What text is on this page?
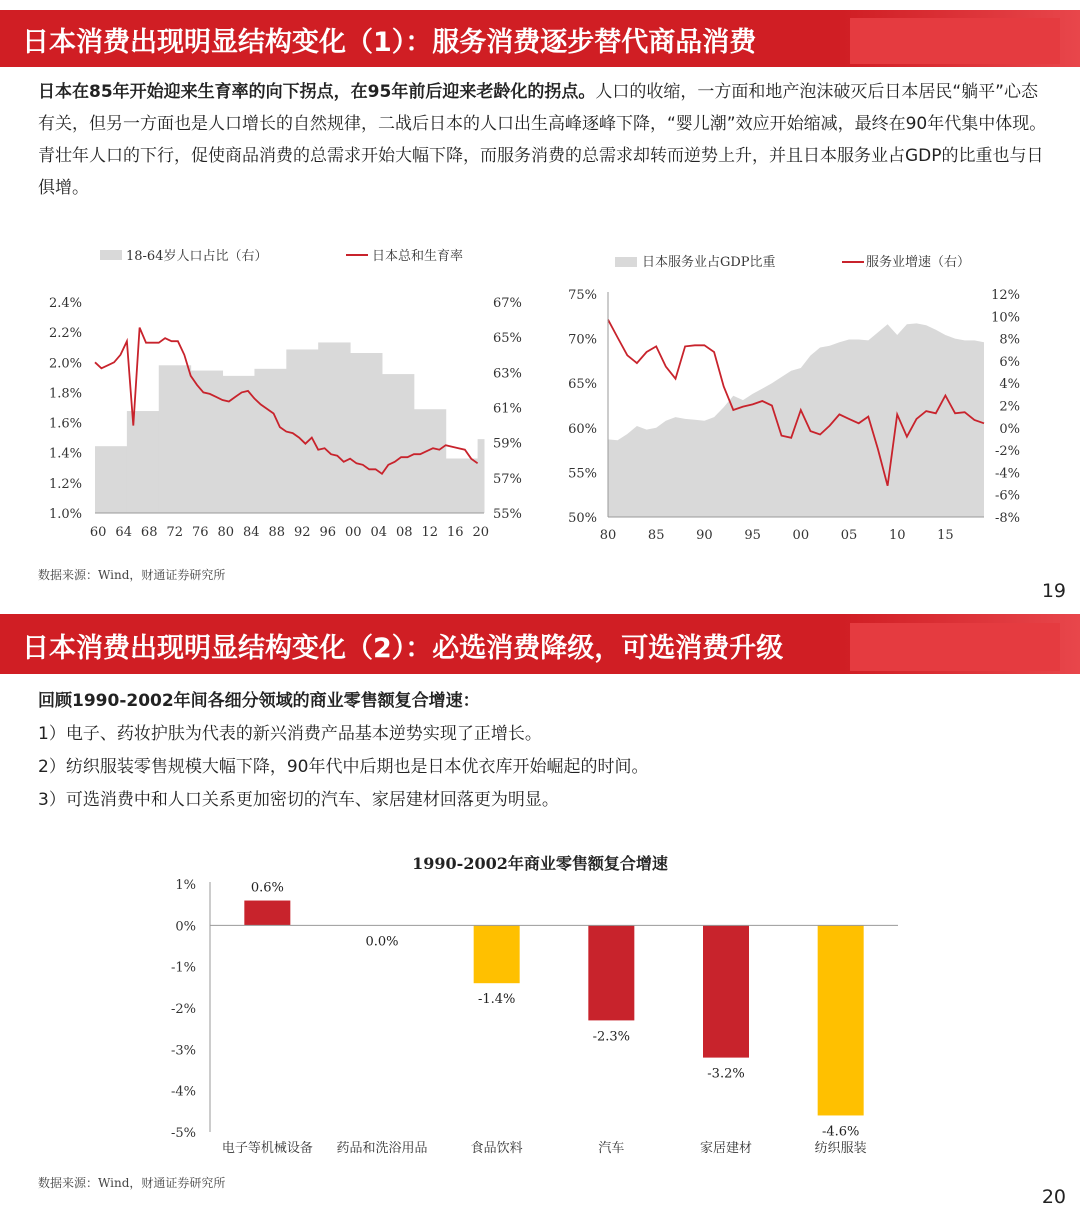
日本消费出现明显结构变化（1）：服务消费逐步替代商品消费
日本在85年开始迎来生育率的向下拐点，在95年前后迎来老龄化的拐点。人口的收缩，一方面和地产泡沫破灭后日本居民“躺平”心态有关，但另一方面也是人口增长的自然规律，二战后日本的人口出生高峰逐峰下降，“婴儿潮”效应开始缩减，最终在90年代集中体现。青壮年人口的下行，促使商品消费的总需求开始大幅下降，而服务消费的总需求却转而逆势上升，并且日本服务业占GDP的比重也与日俱增。
18-64岁人口占比（右）	日本总和生育率
60 64 68 72 76 80 84 88 92 96 00 04 08 12 16 20
2.4%
2.2%
2.0%
1.8%
1.6%
1.4%
1.2%
1.0%
67%
65%
63%
61%
59%
57%
55%
日本服务业占GDP比重	服务业增速（右）
80 85 90 95 00 05 10 15
75%
70%
65%
60%
55%
50%
12%
10%
8%
6%
4%
2%
0%
-2%
-4%
-6%
-8%
数据来源：Wind，财通证券研究所
19
日本消费出现明显结构变化（2）：必选消费降级，可选消费升级
回顾1990-2002年间各细分领域的商业零售额复合增速：
1）电子、药妆护肤为代表的新兴消费产品基本逆势实现了正增长。
2）纺织服装零售规模大幅下降，90年代中后期也是日本优衣库开始崛起的时间。
3）可选消费中和人口关系更加密切的汽车、家居建材回落更为明显。
1990-2002年商业零售额复合增速
0.6%
0.0%
-1.4%
-2.3%
-3.2%
-4.6%
1%
0%
-1%
-2%
-3%
-4%
-5%
电子等机械设备 药品和洗浴用品	食品饮料	汽车	家居建材	纺织服装
数据来源：Wind，财通证券研究所
20
